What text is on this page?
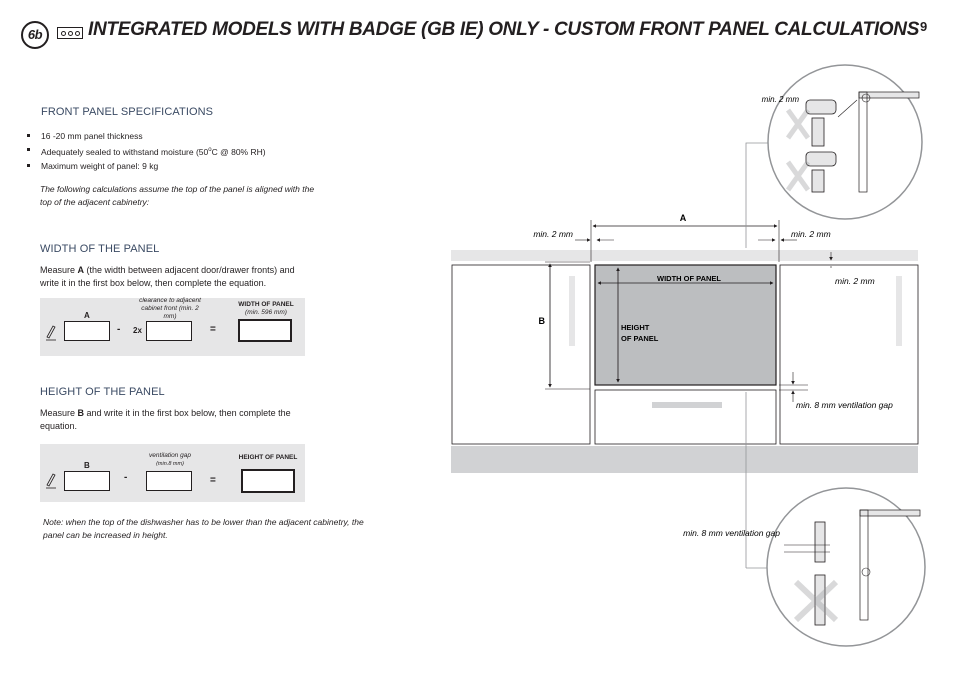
6b	INTEGRATED MODELS WITH BADGE (GB IE) ONLY - CUSTOM FRONT PANEL CALCULATIONS 9
FRONT PANEL SPECIFICATIONS
16 -20 mm panel thickness
Adequately sealed to withstand moisture (50$^o$C @ 80% RH)
Maximum weight of panel: 9 kg
The following calculations assume the top of the panel is aligned with the top of the adjacent cabinetry:
WIDTH OF THE PANEL
Measure A (the width between adjacent door/drawer fronts) and write it in the first box below, then complete the equation.
A
- 2x
clearance to adjacent cabinet front (min. 2 mm)
=
WIDTH OF PANEL
(min. 596 mm)
HEIGHT OF THE PANEL
Measure B and write it in the first box below, then complete the equation.
B
-
ventilation gap
(min.8 mm)
=
HEIGHT OF PANEL
Note: when the top of the dishwasher has to be lower than the adjacent cabinetry, the panel can be increased in height.
A
min. 2 mm	min. 2 mm
min. 2 mm
WIDTH OF PANEL
HEIGHT
OF PANEL
B
min. 8 mm ventilation gap
min. 2 mm
min. 8 mm ventilation gap
